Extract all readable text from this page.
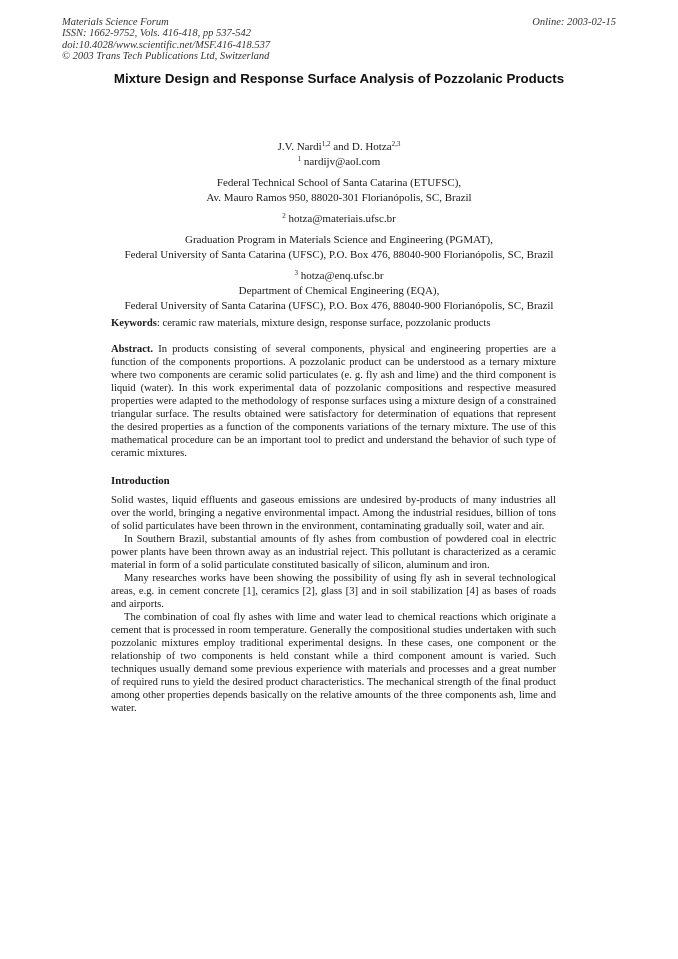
Materials Science Forum
ISSN: 1662-9752, Vols. 416-418, pp 537-542
doi:10.4028/www.scientific.net/MSF.416-418.537
© 2003 Trans Tech Publications Ltd, Switzerland
Online: 2003-02-15
Mixture Design and Response Surface Analysis of Pozzolanic Products
J.V. Nardi$^{1,2}$ and D. Hotza$^{2,3}$
$^1$ nardijv@aol.com
Federal Technical School of Santa Catarina (ETUFSC),
Av. Mauro Ramos 950, 88020-301 Florianópolis, SC, Brazil
$^2$ hotza@materiais.ufsc.br
Graduation Program in Materials Science and Engineering (PGMAT),
Federal University of Santa Catarina (UFSC), P.O. Box 476, 88040-900 Florianópolis, SC, Brazil
$^3$ hotza@enq.ufsc.br
Department of Chemical Engineering (EQA),
Federal University of Santa Catarina (UFSC), P.O. Box 476, 88040-900 Florianópolis, SC, Brazil
Keywords: ceramic raw materials, mixture design, response surface, pozzolanic products
Abstract. In products consisting of several components, physical and engineering properties are a function of the components proportions. A pozzolanic product can be understood as a ternary mixture where two components are ceramic solid particulates (e. g. fly ash and lime) and the third component is liquid (water). In this work experimental data of pozzolanic compositions and respective measured properties were adapted to the methodology of response surfaces using a mixture design of a constrained triangular surface. The results obtained were satisfactory for determination of equations that represent the desired properties as a function of the components variations of the ternary mixture. The use of this mathematical procedure can be an important tool to predict and understand the behavior of such type of ceramic mixtures.
Introduction

Solid wastes, liquid effluents and gaseous emissions are undesired by-products of many industries all over the world, bringing a negative environmental impact. Among the industrial residues, billion of tons of solid particulates have been thrown in the environment, contaminating gradually soil, water and air.

In Southern Brazil, substantial amounts of fly ashes from combustion of powdered coal in electric power plants have been thrown away as an industrial reject. This pollutant is characterized as a ceramic material in form of a solid particulate constituted basically of silicon, aluminum and iron.

Many researches works have been showing the possibility of using fly ash in several technological areas, e.g. in cement concrete [1], ceramics [2], glass [3] and in soil stabilization [4] as bases of roads and airports.

The combination of coal fly ashes with lime and water lead to chemical reactions which originate a cement that is processed in room temperature. Generally the compositional studies undertaken with such pozzolanic mixtures employ traditional experimental designs. In these cases, one component or the relationship of two components is held constant while a third component amount is varied. Such techniques usually demand some previous experience with materials and processes and a great number of required runs to yield the desired product characteristics. The mechanical strength of the final product among other properties depends basically on the relative amounts of the three components ash, lime and water.
